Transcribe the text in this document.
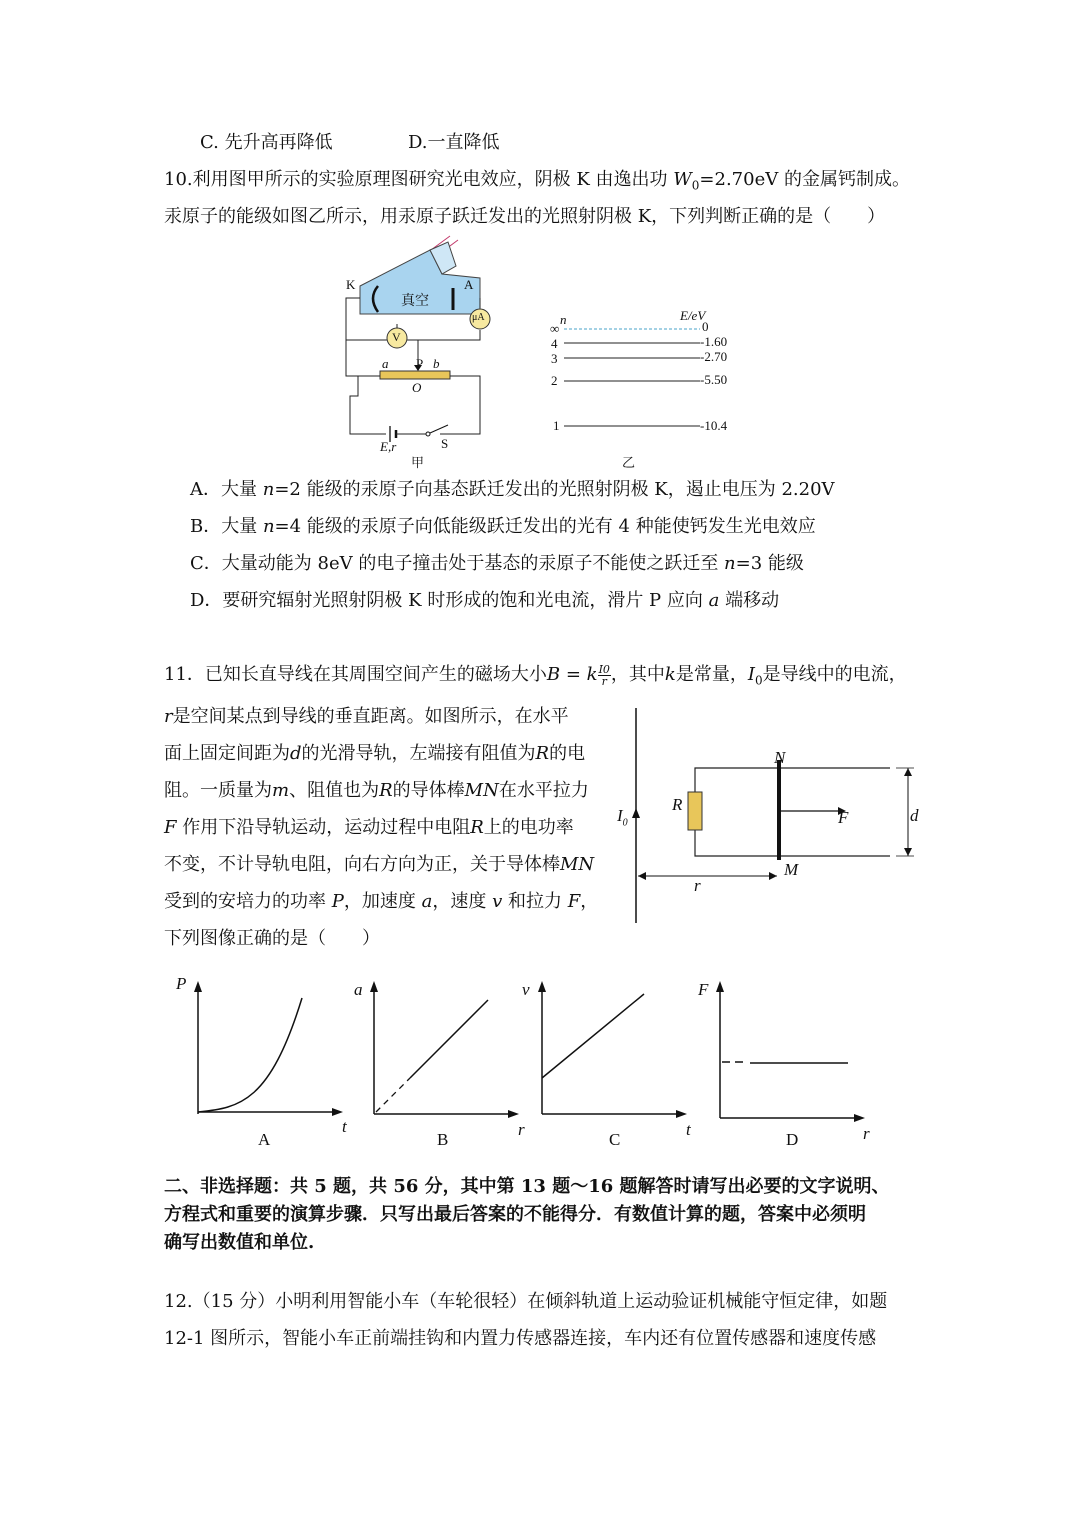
C. 先升高再降低	D.一直降低
10.利用图甲所示的实验原理图研究光电效应，阴极 K 由逸出功 $W_0=2.70eV$ 的金属钙制成。
汞原子的能级如图乙所示，用汞原子跃迁发出的光照射阴极 K，下列判断正确的是（　　）
K	A
真空
μA
V
a P b
O
E,r	S
甲
n	E/eV
∞	0
4	-1.60
3	-2.70
2	-5.50
1	-10.4
乙
A．大量 n=2 能级的汞原子向基态跃迁发出的光照射阴极 K，遏止电压为 2.20V
B．大量 n=4 能级的汞原子向低能级跃迁发出的光有 4 种能使钙发生光电效应
C．大量动能为 8eV 的电子撞击处于基态的汞原子不能使之跃迁至 n=3 能级
D．要研究辐射光照射阴极 K 时形成的饱和光电流，滑片 P 应向 a 端移动
11．已知长直导线在其周围空间产生的磁场大小B = k $\frac{I0}{r}$ ，其中k是常量，$I_0$是导线中的电流，
r是空间某点到导线的垂直距离。如图所示，在水平
面上固定间距为d的光滑导轨，左端接有阻值为R的电
阻。一质量为m、阻值也为R的导体棒MN在水平拉力
F 作用下沿导轨运动，运动过程中电阻R上的电功率
不变，不计导轨电阻，向右方向为正，关于导体棒MN
受到的安培力的功率 P，加速度 a，速度 v 和拉力 F，
下列图像正确的是（　　）
R
N
M
F	d
r
$I_0$
P
t
A
a
r
B
v
t
C
F
r
D
二、非选择题：共 5 题，共 56 分，其中第 13 题～16 题解答时请写出必要的文字说明、
方程式和重要的演算步骤．只写出最后答案的不能得分．有数值计算的题，答案中必须明
确写出数值和单位.
12.（15 分）小明利用智能小车（车轮很轻）在倾斜轨道上运动验证机械能守恒定律，如题
12-1 图所示，智能小车正前端挂钩和内置力传感器连接，车内还有位置传感器和速度传感
